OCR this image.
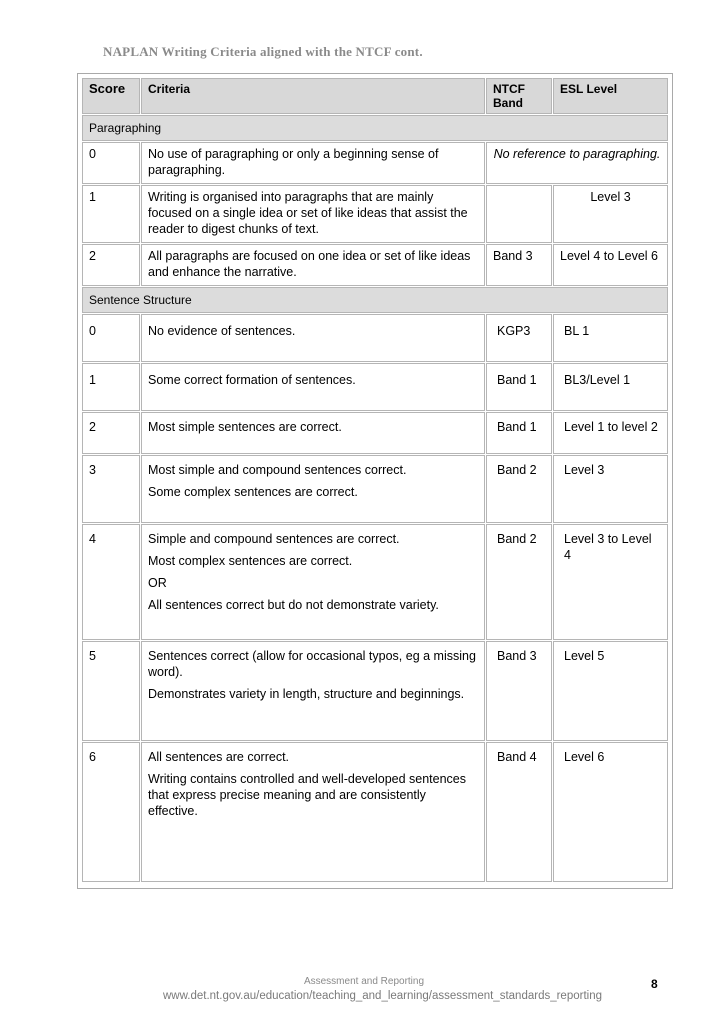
NAPLAN Writing Criteria aligned with the NTCF cont.
Score	Criteria	NTCF Band	ESL Level
Paragraphing			
0	No use of paragraphing or only a beginning sense of paragraphing.	No reference to paragraphing.	
1	Writing is organised into paragraphs that are mainly focused on a single idea or set of like ideas that assist the reader to digest chunks of text.		Level 3
2	All paragraphs are focused on one idea or set of like ideas and enhance the narrative.	Band 3	Level 4 to Level 6
Sentence Structure			
0	No evidence of sentences.	KGP3	BL 1
1	Some correct formation of sentences.	Band 1	BL3/Level 1
2	Most simple sentences are correct.	Band 1	Level 1 to level 2
3	Most simple and compound sentences correct.

Some complex sentences are correct.	Band 2	Level 3
4	Simple and compound sentences are correct.

Most complex sentences are correct.

OR

All sentences correct but do not demonstrate variety.	Band 2	Level 3 to Level 4
5	Sentences correct (allow for occasional typos, eg a missing word).

Demonstrates variety in length, structure and beginnings.	Band 3	Level 5
6	All sentences are correct.

Writing contains controlled and well-developed sentences that express precise meaning and are consistently effective.	Band 4	Level 6
Assessment and Reporting	8
www.det.nt.gov.au/education/teaching_and_learning/assessment_standards_reporting
